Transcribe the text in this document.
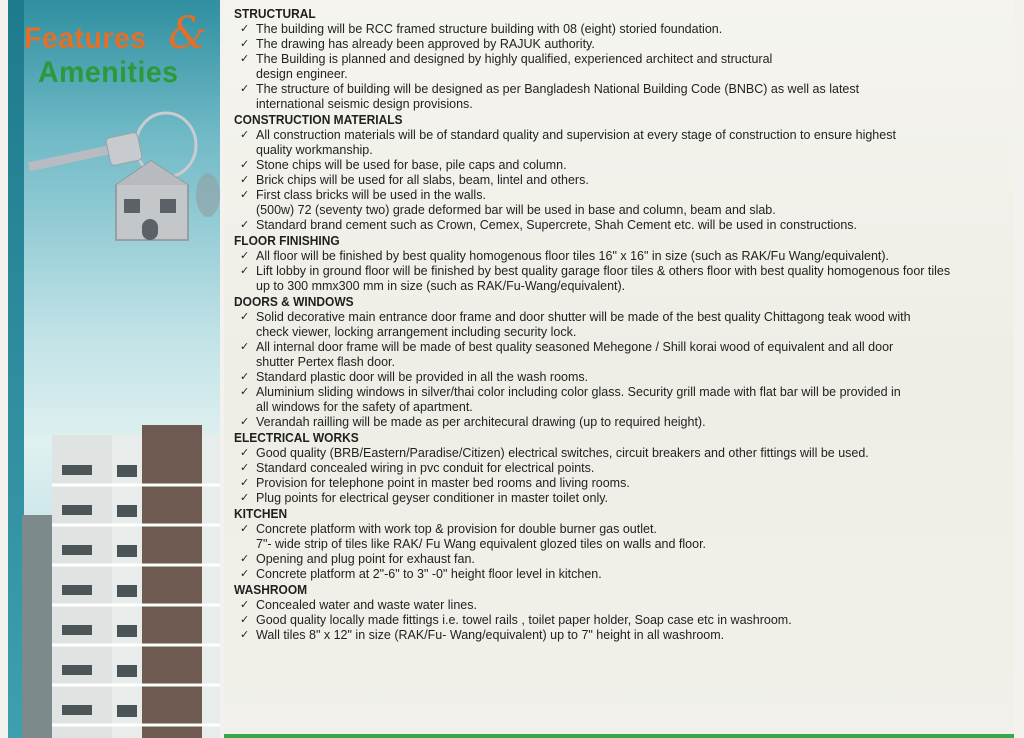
Features &
Amenities
STRUCTURAL
✓ The building will be RCC framed structure building with 08 (eight) storied foundation.
✓ The drawing has already been approved by RAJUK authority.
✓ The Building is planned and designed by highly qualified, experienced architect and structural
design engineer.
✓ The structure of building will be designed as per Bangladesh National Building Code (BNBC) as well as latest
international seismic design provisions.
CONSTRUCTION MATERIALS
✓ All construction materials will be of standard quality and supervision at every stage of construction to ensure highest
quality workmanship.
✓ Stone chips will be used for base, pile caps and column.
✓ Brick chips will be used for all slabs, beam, lintel and others.
✓ First class bricks will be used in the walls.
(500w) 72 (seventy two) grade deformed bar will be used in base and column, beam and slab.
✓ Standard brand cement such as Crown, Cemex, Supercrete, Shah Cement etc. will be used in constructions.
FLOOR FINISHING
✓ All floor will be finished by best quality homogenous floor tiles 16" x 16" in size (such as RAK/Fu Wang/equivalent).
✓ Lift lobby in ground floor will be finished by best quality garage floor tiles & others floor with best quality homogenous foor tiles
up to 300 mmx300 mm in size (such as RAK/Fu-Wang/equivalent).
DOORS & WINDOWS
✓ Solid decorative main entrance door frame and door shutter will be made of the best quality Chittagong teak wood with
check viewer, locking arrangement including security lock.
✓ All internal door frame will be made of best quality seasoned Mehegone / Shill korai wood of equivalent and all door
shutter Pertex flash door.
✓ Standard plastic door will be provided in all the wash rooms.
✓ Aluminium sliding windows in silver/thai color including color glass. Security grill made with flat bar will be provided in
all windows for the safety of apartment.
✓ Verandah railling will be made as per architecural drawing (up to required height).
ELECTRICAL WORKS
✓ Good quality (BRB/Eastern/Paradise/Citizen) electrical switches, circuit breakers and other fittings will be used.
✓ Standard concealed wiring in pvc conduit for electrical points.
✓ Provision for telephone point in master bed rooms and living rooms.
✓ Plug points for electrical geyser conditioner in master toilet only.
KITCHEN
✓ Concrete platform with work top & provision for double burner gas outlet.
7"- wide strip of tiles like RAK/ Fu Wang equivalent glozed tiles on walls and floor.
✓ Opening and plug point for exhaust fan.
✓ Concrete platform at 2"-6" to 3" -0" height floor level in kitchen.
WASHROOM
✓ Concealed water and waste water lines.
✓ Good quality locally made fittings i.e. towel rails , toilet paper holder, Soap case etc in washroom.
✓ Wall tiles 8" x 12" in size (RAK/Fu- Wang/equivalent) up to 7" height in all washroom.
